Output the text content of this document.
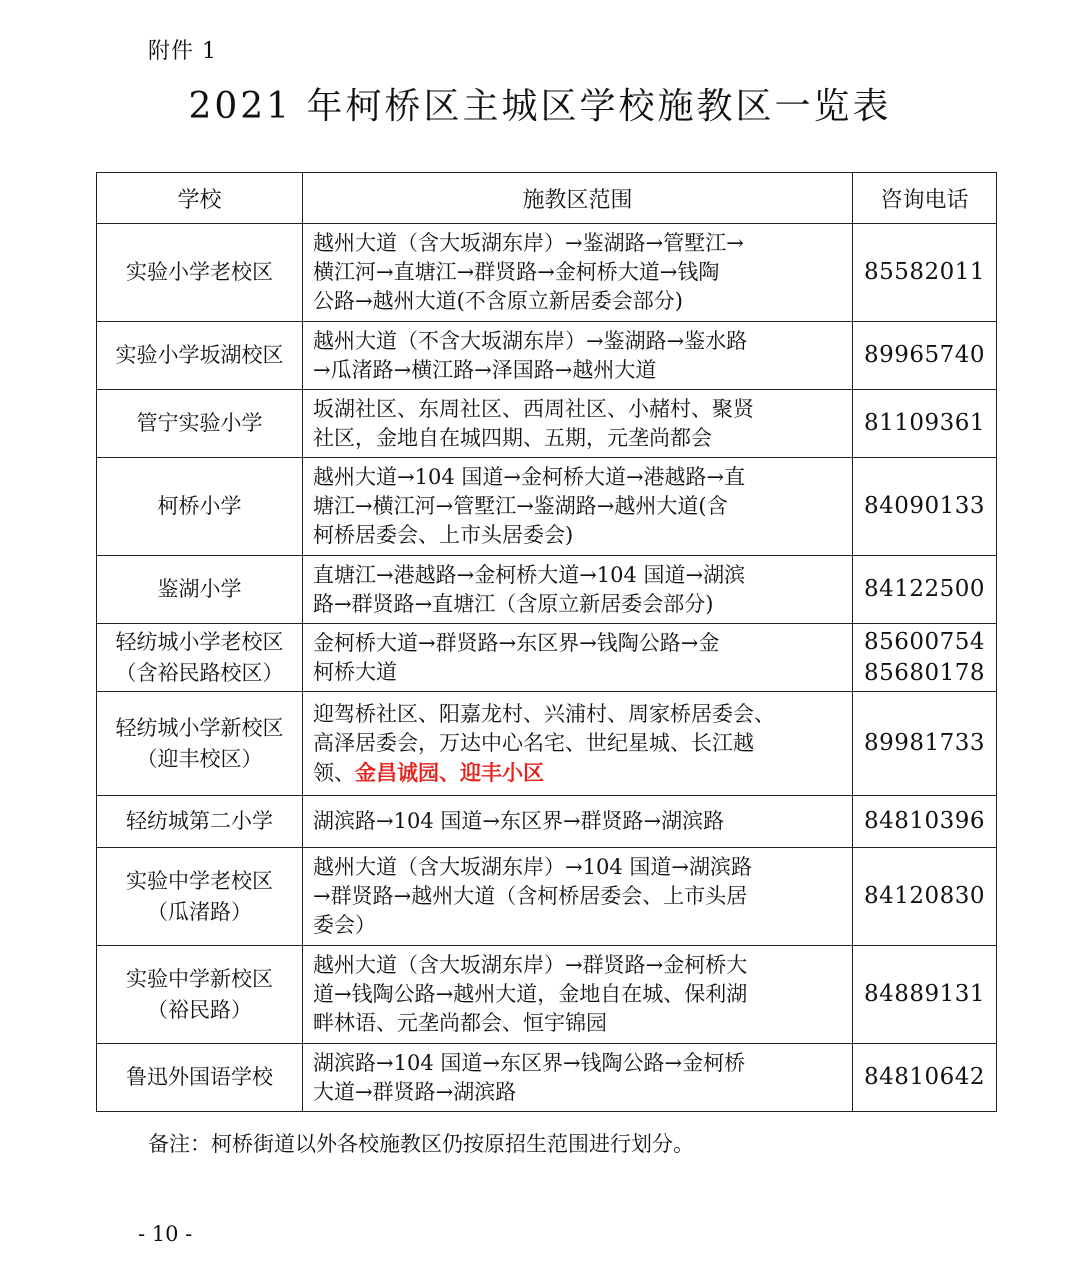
附件 1
2021 年柯桥区主城区学校施教区一览表
学校	施教区范围	咨询电话

实验小学老校区	越州大道（含大坂湖东岸）→鉴湖路→管墅江→
横江河→直塘江→群贤路→金柯桥大道→钱陶
公路→越州大道(不含原立新居委会部分)	85582011

实验小学坂湖校区	越州大道（不含大坂湖东岸）→鉴湖路→鉴水路
→瓜渚路→横江路→泽国路→越州大道	89965740

管宁实验小学	坂湖社区、东周社区、西周社区、小赭村、聚贤
社区，金地自在城四期、五期，元垄尚都会	81109361

柯桥小学	越州大道→104 国道→金柯桥大道→港越路→直
塘江→横江河→管墅江→鉴湖路→越州大道(含
柯桥居委会、上市头居委会)	84090133

鉴湖小学	直塘江→港越路→金柯桥大道→104 国道→湖滨
路→群贤路→直塘江（含原立新居委会部分)	84122500

轻纺城小学老校区
（含裕民路校区）	金柯桥大道→群贤路→东区界→钱陶公路→金
柯桥大道	85600754
85680178

轻纺城小学新校区
（迎丰校区）	迎驾桥社区、阳嘉龙村、兴浦村、周家桥居委会、
高泽居委会，万达中心名宅、世纪星城、长江越
领、金昌诚园、迎丰小区	89981733

轻纺城第二小学	湖滨路→104 国道→东区界→群贤路→湖滨路	84810396

实验中学老校区
（瓜渚路）	越州大道（含大坂湖东岸）→104 国道→湖滨路
→群贤路→越州大道（含柯桥居委会、上市头居
委会）	84120830

实验中学新校区
（裕民路）	越州大道（含大坂湖东岸）→群贤路→金柯桥大
道→钱陶公路→越州大道，金地自在城、保利湖
畔林语、元垄尚都会、恒宇锦园	84889131

鲁迅外国语学校	湖滨路→104 国道→东区界→钱陶公路→金柯桥
大道→群贤路→湖滨路	84810642
备注：柯桥街道以外各校施教区仍按原招生范围进行划分。
- 10 -
